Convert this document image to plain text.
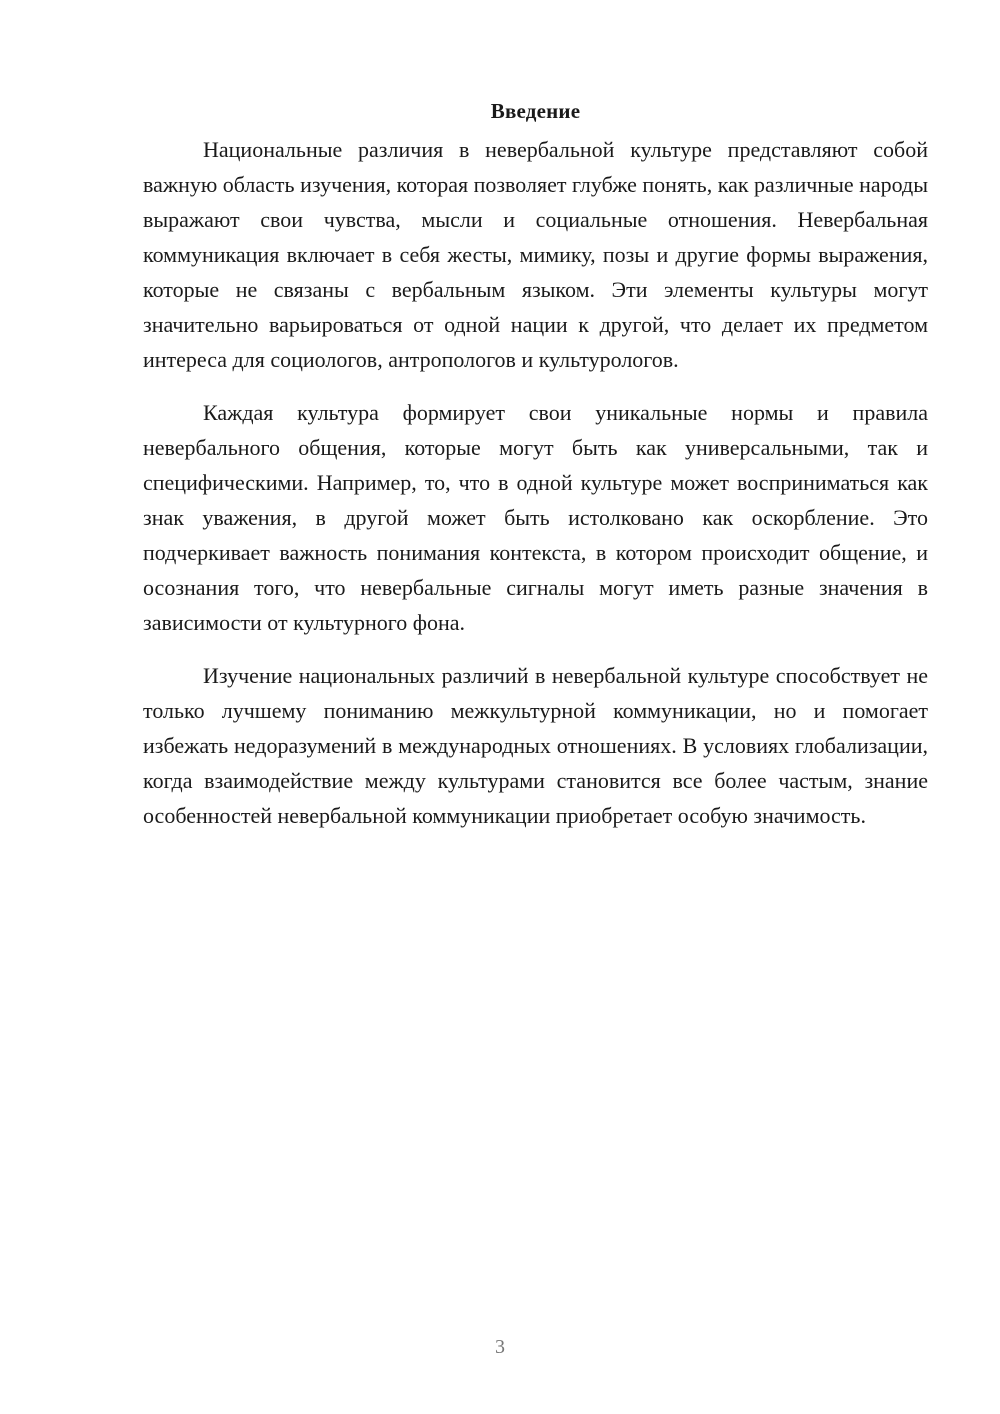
Введение

Национальные различия в невербальной культуре представляют собой важную область изучения, которая позволяет глубже понять, как различные народы выражают свои чувства, мысли и социальные отношения. Невербальная коммуникация включает в себя жесты, мимику, позы и другие формы выражения, которые не связаны с вербальным языком. Эти элементы культуры могут значительно варьироваться от одной нации к другой, что делает их предметом интереса для социологов, антропологов и культурологов.

Каждая культура формирует свои уникальные нормы и правила невербального общения, которые могут быть как универсальными, так и специфическими. Например, то, что в одной культуре может восприниматься как знак уважения, в другой может быть истолковано как оскорбление. Это подчеркивает важность понимания контекста, в котором происходит общение, и осознания того, что невербальные сигналы могут иметь разные значения в зависимости от культурного фона.

Изучение национальных различий в невербальной культуре способствует не только лучшему пониманию межкультурной коммуникации, но и помогает избежать недоразумений в международных отношениях. В условиях глобализации, когда взаимодействие между культурами становится все более частым, знание особенностей невербальной коммуникации приобретает особую значимость.

3
